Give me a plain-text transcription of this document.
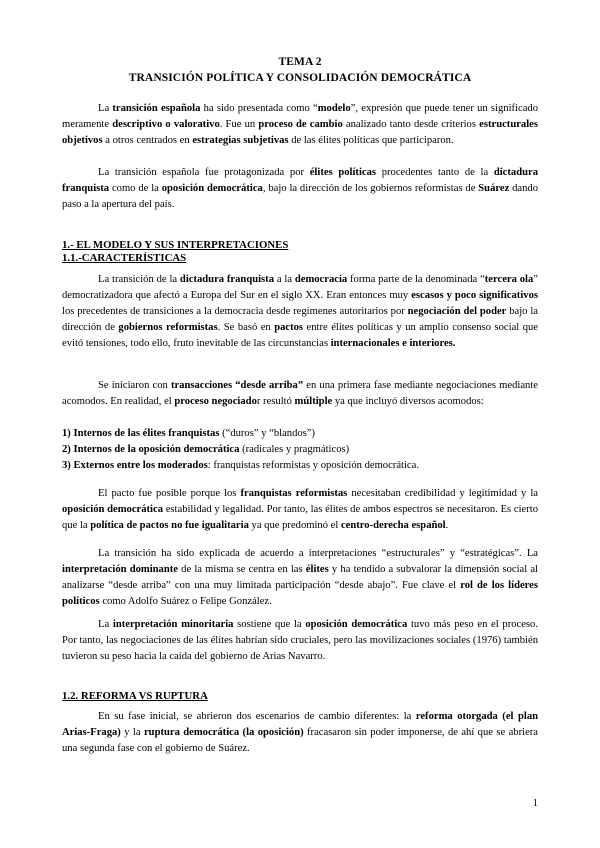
TEMA 2
TRANSICIÓN POLÍTICA Y CONSOLIDACIÓN DEMOCRÁTICA

La transición española ha sido presentada como “modelo”, expresión que puede tener un significado meramente descriptivo o valorativo. Fue un proceso de cambio analizado tanto desde criterios estructurales objetivos a otros centrados en estrategias subjetivas de las élites políticas que participaron.

La transición española fue protagonizada por élites políticas procedentes tanto de la dictadura franquista como de la oposición democrática, bajo la dirección de los gobiernos reformistas de Suárez dando paso a la apertura del país.

1.- EL MODELO Y SUS INTERPRETACIONES

1.1.-CARACTERÍSTICAS

La transición de la dictadura franquista a la democracia forma parte de la denominada “tercera ola” democratizadora que afectó a Europa del Sur en el siglo XX. Eran entonces muy escasos y poco significativos los precedentes de transiciones a la democracia desde regímenes autoritarios por negociación del poder bajo la dirección de gobiernos reformistas. Se basó en pactos entre élites políticas y un amplio consenso social que evitó tensiones, todo ello, fruto inevitable de las circunstancias internacionales e interiores.

Se iniciaron con transacciones “desde arriba” en una primera fase mediante negociaciones mediante acomodos. En realidad, el proceso negociador resultó múltiple ya que incluyó diversos acomodos:

1) Internos de las élites franquistas (“duros” y “blandos”)
2) Internos de la oposición democrática (radicales y pragmáticos)
3) Externos entre los moderados: franquistas reformistas y oposición democrática.

El pacto fue posible porque los franquistas reformistas necesitaban credibilidad y legitimidad y la oposición democrática estabilidad y legalidad. Por tanto, las élites de ambos espectros se necesitaron. Es cierto que la política de pactos no fue igualitaria ya que predominó el centro-derecha español.

La transición ha sido explicada de acuerdo a interpretaciones “estructurales” y “estratégicas”. La interpretación dominante de la misma se centra en las élites y ha tendido a subvalorar la dimensión social al analizarse “desde arriba” con una muy limitada participación “desde abajo”. Fue clave el rol de los líderes políticos como Adolfo Suárez o Felipe González.

La interpretación minoritaria sostiene que la oposición democrática tuvo más peso en el proceso. Por tanto, las negociaciones de las élites habrían sido cruciales, pero las movilizaciones sociales (1976) también tuvieron su peso hacia la caída del gobierno de Arias Navarro.

1.2. REFORMA VS RUPTURA

En su fase inicial, se abrieron dos escenarios de cambio diferentes: la reforma otorgada (el plan Arias-Fraga) y la ruptura democrática (la oposición) fracasaron sin poder imponerse, de ahí que se abriera una segunda fase con el gobierno de Suárez.

1
